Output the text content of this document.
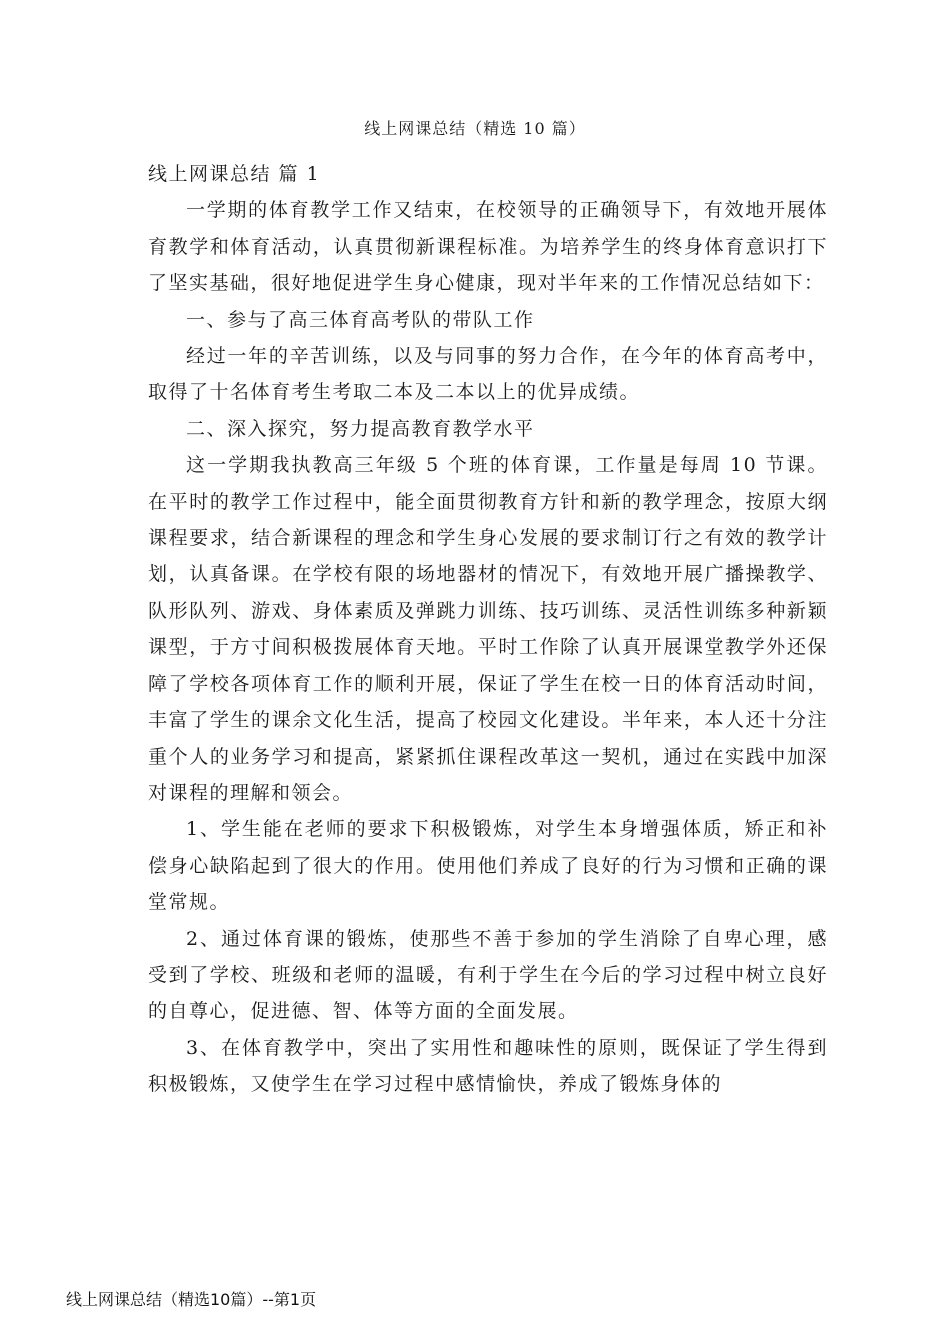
线上网课总结（精选 10 篇）

线上网课总结 篇 1

一学期的体育教学工作又结束，在校领导的正确领导下，有效地开展体育教学和体育活动，认真贯彻新课程标准。为培养学生的终身体育意识打下了坚实基础，很好地促进学生身心健康，现对半年来的工作情况总结如下：

一、参与了高三体育高考队的带队工作

经过一年的辛苦训练，以及与同事的努力合作，在今年的体育高考中，取得了十名体育考生考取二本及二本以上的优异成绩。

二、深入探究，努力提高教育教学水平

这一学期我执教高三年级 5 个班的体育课，工作量是每周 10 节课。在平时的教学工作过程中，能全面贯彻教育方针和新的教学理念，按原大纲课程要求，结合新课程的理念和学生身心发展的要求制订行之有效的教学计划，认真备课。在学校有限的场地器材的情况下，有效地开展广播操教学、队形队列、游戏、身体素质及弹跳力训练、技巧训练、灵活性训练多种新颖课型，于方寸间积极拨展体育天地。平时工作除了认真开展课堂教学外还保障了学校各项体育工作的顺利开展，保证了学生在校一日的体育活动时间，丰富了学生的课余文化生活，提高了校园文化建设。半年来，本人还十分注重个人的业务学习和提高，紧紧抓住课程改革这一契机，通过在实践中加深对课程的理解和领会。

1、学生能在老师的要求下积极锻炼，对学生本身增强体质，矫正和补偿身心缺陷起到了很大的作用。使用他们养成了良好的行为习惯和正确的课堂常规。

2、通过体育课的锻炼，使那些不善于参加的学生消除了自卑心理，感受到了学校、班级和老师的温暖，有利于学生在今后的学习过程中树立良好的自尊心，促进德、智、体等方面的全面发展。

3、在体育教学中，突出了实用性和趣味性的原则，既保证了学生得到积极锻炼，又使学生在学习过程中感情愉快，养成了锻炼身体的

线上网课总结（精选10篇）--第1页
